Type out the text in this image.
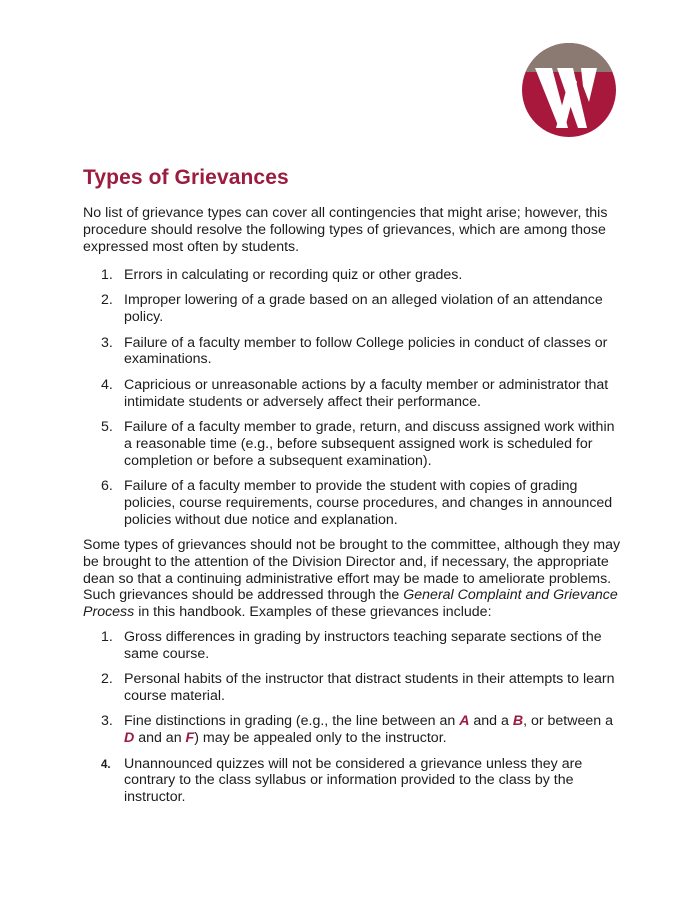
Types of Grievances

No list of grievance types can cover all contingencies that might arise; however, this procedure should resolve the following types of grievances, which are among those expressed most often by students.

1. Errors in calculating or recording quiz or other grades.
2. Improper lowering of a grade based on an alleged violation of an attendance policy.
3. Failure of a faculty member to follow College policies in conduct of classes or examinations.
4. Capricious or unreasonable actions by a faculty member or administrator that intimidate students or adversely affect their performance.
5. Failure of a faculty member to grade, return, and discuss assigned work within a reasonable time (e.g., before subsequent assigned work is scheduled for completion or before a subsequent examination).
6. Failure of a faculty member to provide the student with copies of grading policies, course requirements, course procedures, and changes in announced policies without due notice and explanation.

Some types of grievances should not be brought to the committee, although they may be brought to the attention of the Division Director and, if necessary, the appropriate dean so that a continuing administrative effort may be made to ameliorate problems. Such grievances should be addressed through the General Complaint and Grievance Process in this handbook. Examples of these grievances include:

1. Gross differences in grading by instructors teaching separate sections of the same course.
2. Personal habits of the instructor that distract students in their attempts to learn course material.
3. Fine distinctions in grading (e.g., the line between an A and a B, or between a D and an F) may be appealed only to the instructor.
4. Unannounced quizzes will not be considered a grievance unless they are contrary to the class syllabus or information provided to the class by the instructor.
